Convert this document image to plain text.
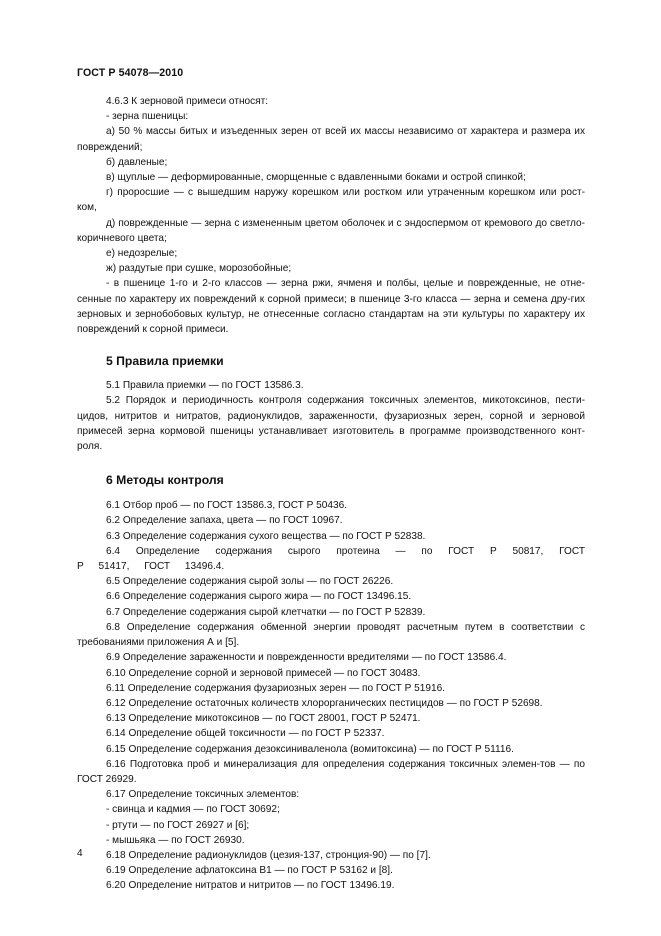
ГОСТ Р 54078—2010

4.6.3 К зерновой примеси относят:

- зерна пшеницы:

а) 50 % массы битых и изъеденных зерен от всей их массы независимо от характера и размера их повреждений;

б) давленые;

в) щуплые — деформированные, сморщенные с вдавленными боками и острой спинкой;

г) проросшие — с вышедшим наружу корешком или ростком или утраченным корешком или рост-ком,

д) поврежденные — зерна с измененным цветом оболочек и с эндоспермом от кремового до светло-коричневого цвета;

е) недозрелые;

ж) раздутые при сушке, морозобойные;

- в пшенице 1-го и 2-го классов — зерна ржи, ячменя и полбы, целые и поврежденные, не отне-сенные по характеру их повреждений к сорной примеси; в пшенице 3-го класса — зерна и семена дру-гих зерновых и зернобобовых культур, не отнесенные согласно стандартам на эти культуры по характеру их повреждений к сорной примеси.

5 Правила приемки

5.1 Правила приемки — по ГОСТ 13586.3.

5.2 Порядок и периодичность контроля содержания токсичных элементов, микотоксинов, пести-цидов, нитритов и нитратов, радионуклидов, зараженности, фузариозных зерен, сорной и зерновой примесей зерна кормовой пшеницы устанавливает изготовитель в программе производственного конт-роля.

6 Методы контроля

6.1 Отбор проб — по ГОСТ 13586.3, ГОСТ Р 50436.

6.2 Определение запаха, цвета — по ГОСТ 10967.

6.3 Определение содержания сухого вещества — по ГОСТ Р 52838.

6.4 Определение содержания сырого протеина — по ГОСТ Р 50817, ГОСТ Р 51417, ГОСТ 13496.4.

6.5 Определение содержания сырой золы — по ГОСТ 26226.

6.6 Определение содержания сырого жира — по ГОСТ 13496.15.

6.7 Определение содержания сырой клетчатки — по ГОСТ Р 52839.

6.8 Определение содержания обменной энергии проводят расчетным путем в соответствии с требованиями приложения А и [5].

6.9 Определение зараженности и поврежденности вредителями — по ГОСТ 13586.4.

6.10 Определение сорной и зерновой примесей — по ГОСТ 30483.

6.11 Определение содержания фузариозных зерен — по ГОСТ Р 51916.

6.12 Определение остаточных количеств хлорорганических пестицидов — по ГОСТ Р 52698.

6.13 Определение микотоксинов — по ГОСТ 28001, ГОСТ Р 52471.

6.14 Определение общей токсичности — по ГОСТ Р 52337.

6.15 Определение содержания дезоксиниваленола (вомитоксина) — по ГОСТ Р 51116.

6.16 Подготовка проб и минерализация для определения содержания токсичных элемен-тов — по ГОСТ 26929.

6.17 Определение токсичных элементов:

- свинца и кадмия — по ГОСТ 30692;

- ртути — по ГОСТ 26927 и [6];

- мышьяка — по ГОСТ 26930.

6.18 Определение радионуклидов (цезия-137, стронция-90) — по [7].

6.19 Определение афлатоксина В1 — по ГОСТ Р 53162 и [8].

6.20 Определение нитратов и нитритов — по ГОСТ 13496.19.

4
